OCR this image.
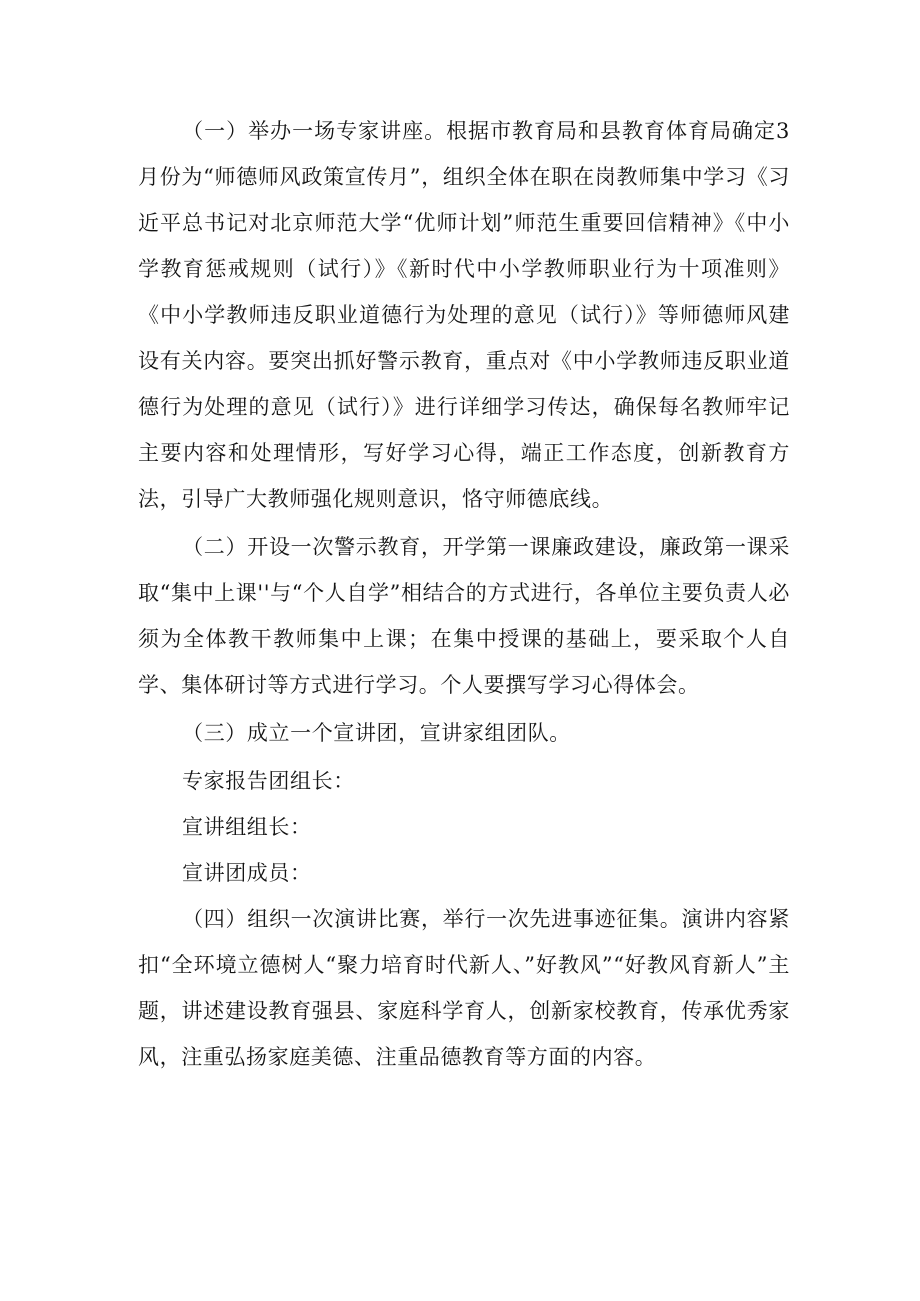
（一）举办一场专家讲座。根据市教育局和县教育体育局确定3月份为“师德师风政策宣传月”，组织全体在职在岗教师集中学习《习近平总书记对北京师范大学“优师计划”师范生重要回信精神》《中小学教育惩戒规则（试行）》《新时代中小学教师职业行为十项准则》《中小学教师违反职业道德行为处理的意见（试行）》等师德师风建设有关内容。要突出抓好警示教育，重点对《中小学教师违反职业道德行为处理的意见（试行）》进行详细学习传达，确保每名教师牢记主要内容和处理情形，写好学习心得，端正工作态度，创新教育方法，引导广大教师强化规则意识，恪守师德底线。

（二）开设一次警示教育，开学第一课廉政建设，廉政第一课采取“集中上课''与“个人自学”相结合的方式进行，各单位主要负责人必须为全体教干教师集中上课；在集中授课的基础上，要采取个人自学、集体研讨等方式进行学习。个人要撰写学习心得体会。

（三）成立一个宣讲团，宣讲家组团队。

专家报告团组长：

宣讲组组长：

宣讲团成员：

（四）组织一次演讲比赛，举行一次先进事迹征集。演讲内容紧扣“全环境立德树人“聚力培育时代新人、”好教风”“好教风育新人”主题，讲述建设教育强县、家庭科学育人，创新家校教育，传承优秀家风，注重弘扬家庭美德、注重品德教育等方面的内容。
